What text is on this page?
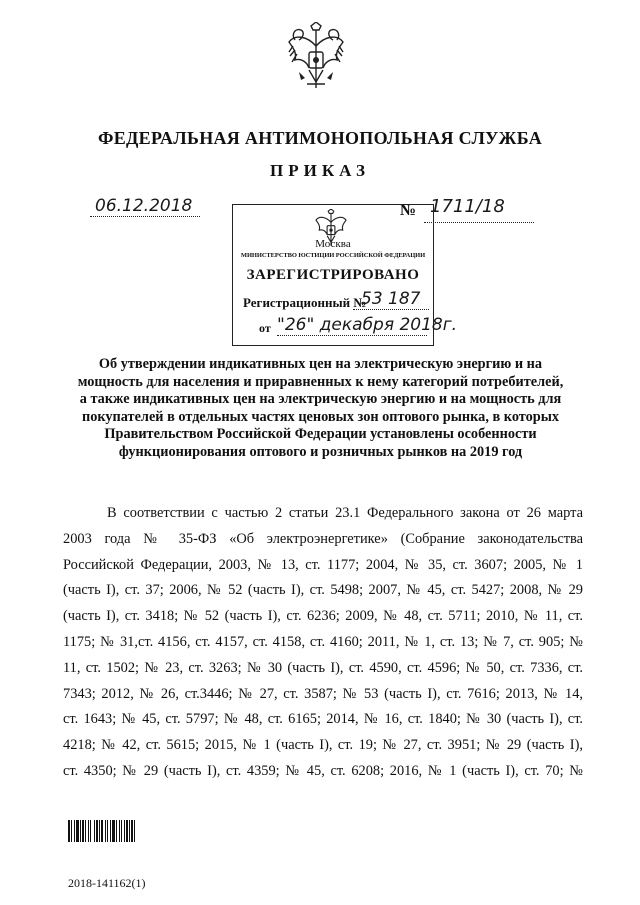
ФЕДЕРАЛЬНАЯ АНТИМОНОПОЛЬНАЯ СЛУЖБА
ПРИКАЗ
06.12.2018	№ 1711/18
Москва
МИНИСТЕРСТВО ЮСТИЦИИ РОССИЙСКОЙ ФЕДЕРАЦИИ
ЗАРЕГИСТРИРОВАНО
Регистрационный №
53 187
от "26" декабря 2018г.
Об утверждении индикативных цен на электрическую энергию и на
мощность для населения и приравненных к нему категорий потребителей,
а также индикативных цен на электрическую энергию и на мощность для
покупателей в отдельных частях ценовых зон оптового рынка, в которых
Правительством Российской Федерации установлены особенности
функционирования оптового и розничных рынков на 2019 год
В соответствии с частью 2 статьи 23.1 Федерального закона от 26 марта
2003 года № 35-ФЗ «Об электроэнергетике» (Собрание законодательства
Российской Федерации, 2003, № 13, ст. 1177; 2004, № 35, ст. 3607; 2005, № 1
(часть I), ст. 37; 2006, № 52 (часть I), ст. 5498; 2007, № 45, ст. 5427; 2008, № 29
(часть I), ст. 3418; № 52 (часть I), ст. 6236; 2009, № 48, ст. 5711; 2010, № 11, ст.
1175; № 31,ст. 4156, ст. 4157, ст. 4158, ст. 4160; 2011, № 1, ст. 13; № 7, ст. 905; №
11, ст. 1502; № 23, ст. 3263; № 30 (часть I), ст. 4590, ст. 4596; № 50, ст. 7336, ст.
7343; 2012, № 26, ст.3446; № 27, ст. 3587; № 53 (часть I), ст. 7616; 2013, № 14,
ст. 1643; № 45, ст. 5797; № 48, ст. 6165; 2014, № 16, ст. 1840; № 30 (часть I), ст.
4218; № 42, ст. 5615; 2015, № 1 (часть I), ст. 19; № 27, ст. 3951; № 29 (часть I),
ст. 4350; № 29 (часть I), ст. 4359; № 45, ст. 6208; 2016, № 1 (часть I), ст. 70; №
2018-141162(1)
